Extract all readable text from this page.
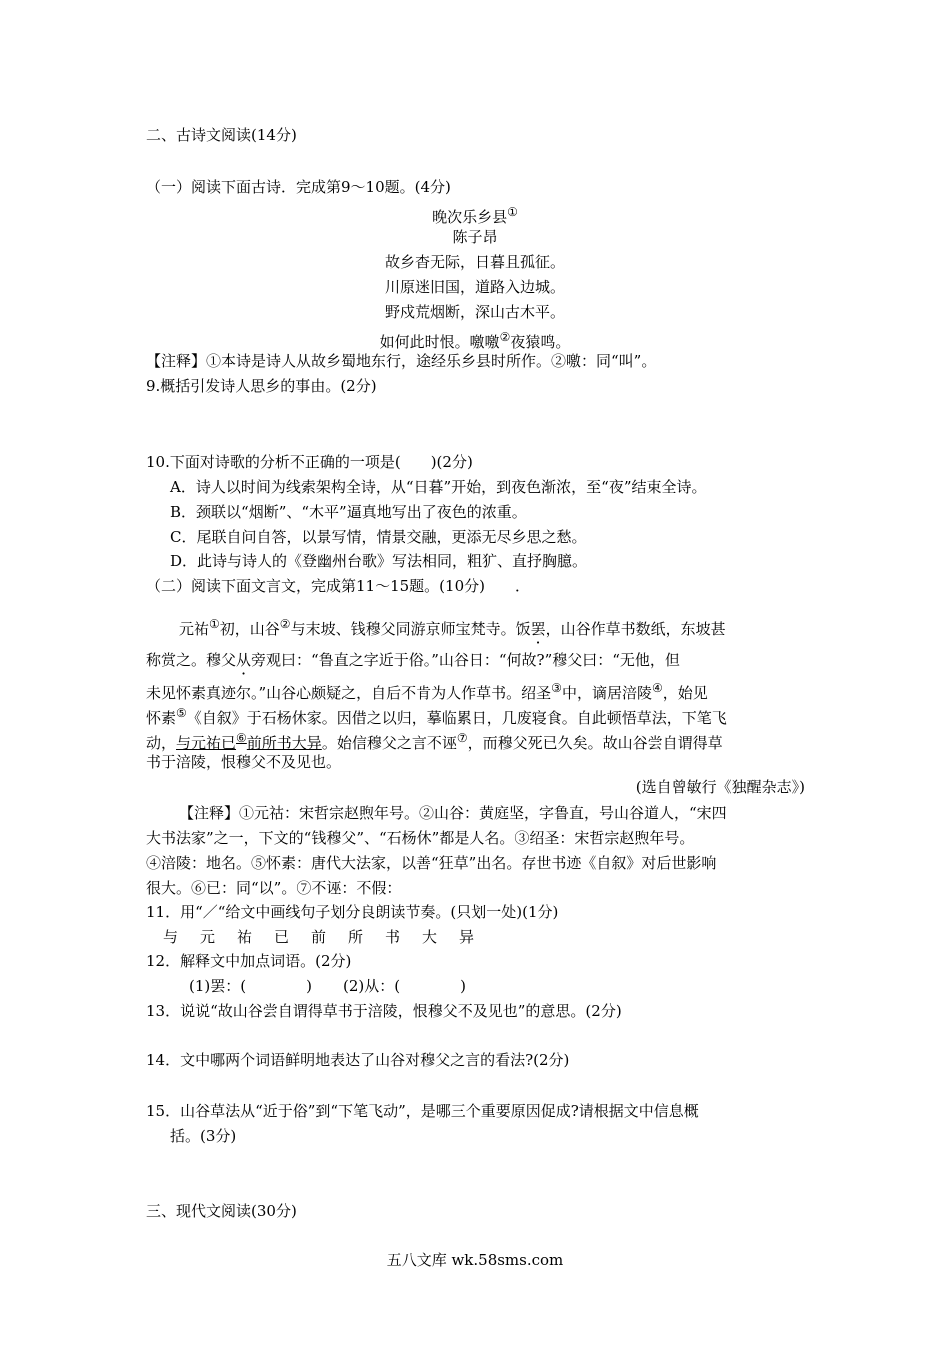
二、古诗文阅读(14分)
（一）阅读下面古诗．完成第9～10题。(4分)
晚次乐乡县①
陈子昂
故乡杳无际，日暮且孤征。
川原迷旧国，道路入边城。
野戍荒烟断，深山古木平。
如何此时恨。噭噭②夜猿鸣。
【注释】①本诗是诗人从故乡蜀地东行，途经乐乡县时所作。②噭：同“叫”。
9.概括引发诗人思乡的事由。(2分)
10.下面对诗歌的分析不正确的一项是(　　)(2分)
A．诗人以时间为线索架构全诗，从“日暮”开始，到夜色渐浓，至“夜”结束全诗。
B．颈联以“烟断”、“木平”逼真地写出了夜色的浓重。
C．尾联自问自答，以景写情，情景交融，更添无尽乡思之愁。
D．此诗与诗人的《登幽州台歌》写法相同，粗犷、直抒胸臆。
（二）阅读下面文言文，完成第11～15题。(10分) ．
元祐①初，山谷②与末坡、钱穆父同游京师宝梵寺。饭罢，山谷作草书数纸，东坡甚
称赏之。穆父从旁观曰：“鲁直之字近于俗。”山谷日：“何故?”穆父曰：“无他，但
未见怀素真迹尔。”山谷心颇疑之，自后不肯为人作草书。绍圣③中，谪居涪陵④，始见
怀素⑤《自叙》于石杨休家。因借之以归，摹临累日，几废寝食。自此顿悟草法，下笔飞
动，与元祐已⑥前所书大异。始信穆父之言不诬⑦，而穆父死已久矣。故山谷尝自谓得草
书于涪陵，恨穆父不及见也。
(选自曾敏行《独醒杂志》)
【注释】①元祜：宋哲宗赵煦年号。②山谷：黄庭坚，字鲁直，号山谷道人，“宋四
大书法家”之一，下文的“钱穆父”、“石杨休”都是人名。③绍圣：宋哲宗赵煦年号。
④涪陵：地名。⑤怀素：唐代大法家，以善“狂草”出名。存世书迹《自叙》对后世影响
很大。⑥已：同“以”。⑦不诬：不假：
11．用“／“给文中画线句子划分良朗读节奏。(只划一处)(1分)
与 元 祐 已 前 所 书 大 异
12．解释文中加点词语。(2分)
(1)罢：(　　　　) (2)从：(　　　　)
13．说说“故山谷尝自谓得草书于涪陵，恨穆父不及见也”的意思。(2分)
14．文中哪两个词语鲜明地表达了山谷对穆父之言的看法?(2分)
15．山谷草法从“近于俗”到“下笔飞动”，是哪三个重要原因促成?请根据文中信息概
括。(3分)
三、现代文阅读(30分)
五八文库 wk.58sms.com
